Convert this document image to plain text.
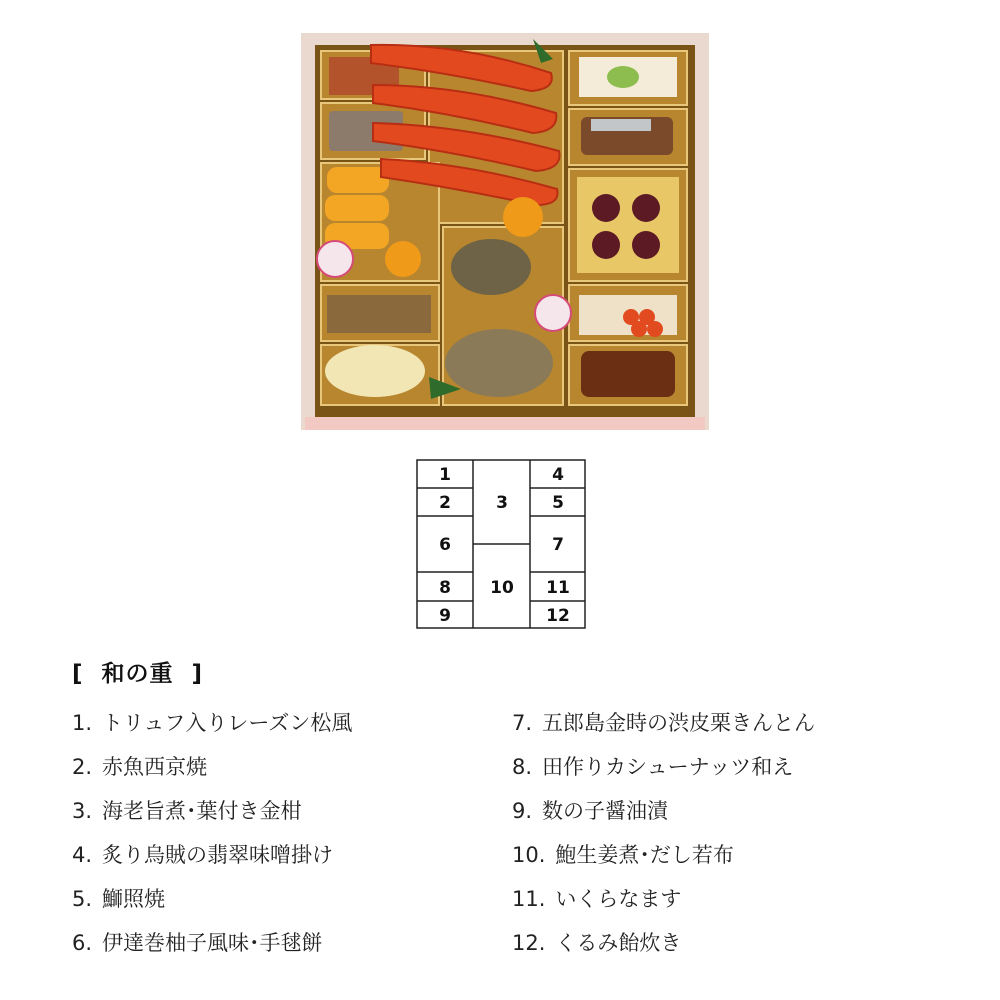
1
2	3
4
5
6	7
8
9
10 11
12
[  和の重  ]
1. トリュフ入りレーズン松風
2. 赤魚西京焼
3. 海老旨煮･葉付き金柑
4. 炙り烏賊の翡翠味噌掛け
5. 鰤照焼
6. 伊達巻柚子風味･手毬餅
7. 五郎島金時の渋皮栗きんとん
8. 田作りカシューナッツ和え
9. 数の子醤油漬
10. 鮑生姜煮･だし若布
11. いくらなます
12. くるみ飴炊き
